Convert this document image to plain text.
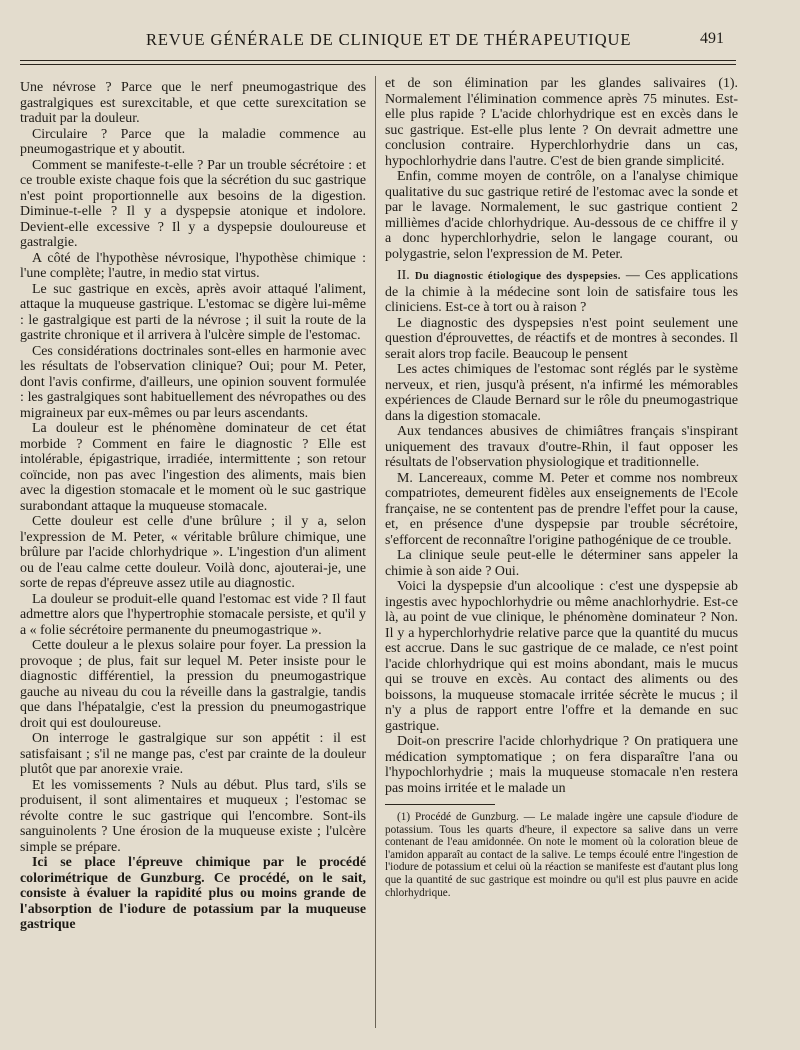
REVUE GÉNÉRALE DE CLINIQUE ET DE THÉRAPEUTIQUE	491

Une névrose ? Parce que le nerf pneumogastrique des gastralgiques est surexcitable, et que cette surexcitation se traduit par la douleur.

Circulaire ? Parce que la maladie commence au pneumogastrique et y aboutit.

Comment se manifeste-t-elle ? Par un trouble sécrétoire : et ce trouble existe chaque fois que la sécrétion du suc gastrique n'est point proportionnelle aux besoins de la digestion. Diminue-t-elle ? Il y a dyspepsie atonique et indolore. Devient-elle excessive ? Il y a dyspepsie douloureuse et gastralgie.

A côté de l'hypothèse névrosique, l'hypothèse chimique : l'une complète; l'autre, in medio stat virtus.

Le suc gastrique en excès, après avoir attaqué l'aliment, attaque la muqueuse gastrique. L'estomac se digère lui-même : le gastralgique est parti de la névrose ; il suit la route de la gastrite chronique et il arrivera à l'ulcère simple de l'estomac.

Ces considérations doctrinales sont-elles en harmonie avec les résultats de l'observation clinique? Oui; pour M. Peter, dont l'avis confirme, d'ailleurs, une opinion souvent formulée : les gastralgiques sont habituellement des névropathes ou des migraineux par eux-mêmes ou par leurs ascendants.

La douleur est le phénomène dominateur de cet état morbide ? Comment en faire le diagnostic ? Elle est intolérable, épigastrique, irradiée, intermittente ; son retour coïncide, non pas avec l'ingestion des aliments, mais bien avec la digestion stomacale et le moment où le suc gastrique surabondant attaque la muqueuse stomacale.

Cette douleur est celle d'une brûlure ; il y a, selon l'expression de M. Peter, « véritable brûlure chimique, une brûlure par l'acide chlorhydrique ». L'ingestion d'un aliment ou de l'eau calme cette douleur. Voilà donc, ajouterai-je, une sorte de repas d'épreuve assez utile au diagnostic.

La douleur se produit-elle quand l'estomac est vide ? Il faut admettre alors que l'hypertrophie stomacale persiste, et qu'il y a « folie sécrétoire permanente du pneumogastrique ».

Cette douleur a le plexus solaire pour foyer. La pression la provoque ; de plus, fait sur lequel M. Peter insiste pour le diagnostic différentiel, la pression du pneumogastrique gauche au niveau du cou la réveille dans la gastralgie, tandis que dans l'hépatalgie, c'est la pression du pneumogastrique droit qui est douloureuse.

On interroge le gastralgique sur son appétit : il est satisfaisant ; s'il ne mange pas, c'est par crainte de la douleur plutôt que par anorexie vraie.

Et les vomissements ? Nuls au début. Plus tard, s'ils se produisent, il sont alimentaires et muqueux ; l'estomac se révolte contre le suc gastrique qui l'encombre. Sont-ils sanguinolents ? Une érosion de la muqueuse existe ; l'ulcère simple se prépare.

Ici se place l'épreuve chimique par le procédé colorimétrique de Gunzburg. Ce procédé, on le sait, consiste à évaluer la rapidité plus ou moins grande de l'absorption de l'iodure de potassium par la muqueuse gastrique

et de son élimination par les glandes salivaires (1). Normalement l'élimination commence après 75 minutes. Est-elle plus rapide ? L'acide chlorhydrique est en excès dans le suc gastrique. Est-elle plus lente ? On devrait admettre une conclusion contraire. Hyperchlorhydrie dans un cas, hypochlorhydrie dans l'autre. C'est de bien grande simplicité.

Enfin, comme moyen de contrôle, on a l'analyse chimique qualitative du suc gastrique retiré de l'estomac avec la sonde et par le lavage. Normalement, le suc gastrique contient 2 millièmes d'acide chlorhydrique. Au-dessous de ce chiffre il y a donc hyperchlorhydrie, selon le langage courant, ou polygastrie, selon l'expression de M. Peter.

II. Du diagnostic étiologique des dyspepsies. — Ces applications de la chimie à la médecine sont loin de satisfaire tous les cliniciens. Est-ce à tort ou à raison ?

Le diagnostic des dyspepsies n'est point seulement une question d'éprouvettes, de réactifs et de montres à secondes. Il serait alors trop facile. Beaucoup le pensent

Les actes chimiques de l'estomac sont réglés par le système nerveux, et rien, jusqu'à présent, n'a infirmé les mémorables expériences de Claude Bernard sur le rôle du pneumogastrique dans la digestion stomacale.

Aux tendances abusives de chimiâtres français s'inspirant uniquement des travaux d'outre-Rhin, il faut opposer les résultats de l'observation physiologique et traditionnelle.

M. Lancereaux, comme M. Peter et comme nos nombreux compatriotes, demeurent fidèles aux enseignements de l'Ecole française, ne se contentent pas de prendre l'effet pour la cause, et, en présence d'une dyspepsie par trouble sécrétoire, s'efforcent de reconnaître l'origine pathogénique de ce trouble.

La clinique seule peut-elle le déterminer sans appeler la chimie à son aide ? Oui.

Voici la dyspepsie d'un alcoolique : c'est une dyspepsie ab ingestis avec hypochlorhydrie ou même anachlorhydrie. Est-ce là, au point de vue clinique, le phénomène dominateur ? Non. Il y a hyperchlorhydrie relative parce que la quantité du mucus est accrue. Dans le suc gastrique de ce malade, ce n'est point l'acide chlorhydrique qui est moins abondant, mais le mucus qui se trouve en excès. Au contact des aliments ou des boissons, la muqueuse stomacale irritée sécrète le mucus ; il n'y a plus de rapport entre l'offre et la demande en suc gastrique.

Doit-on prescrire l'acide chlorhydrique ? On pratiquera une médication symptomatique ; on fera disparaître l'ana ou l'hypochlorhydrie ; mais la muqueuse stomacale n'en restera pas moins irritée et le malade un

(1) Procédé de Gunzburg. — Le malade ingère une capsule d'iodure de potassium. Tous les quarts d'heure, il expectore sa salive dans un verre contenant de l'eau amidonnée. On note le moment où la coloration bleue de l'amidon apparaît au contact de la salive. Le temps écoulé entre l'ingestion de l'iodure de potassium et celui où la réaction se manifeste est d'autant plus long que la quantité de suc gastrique est moindre ou qu'il est plus pauvre en acide chlorhydrique.
